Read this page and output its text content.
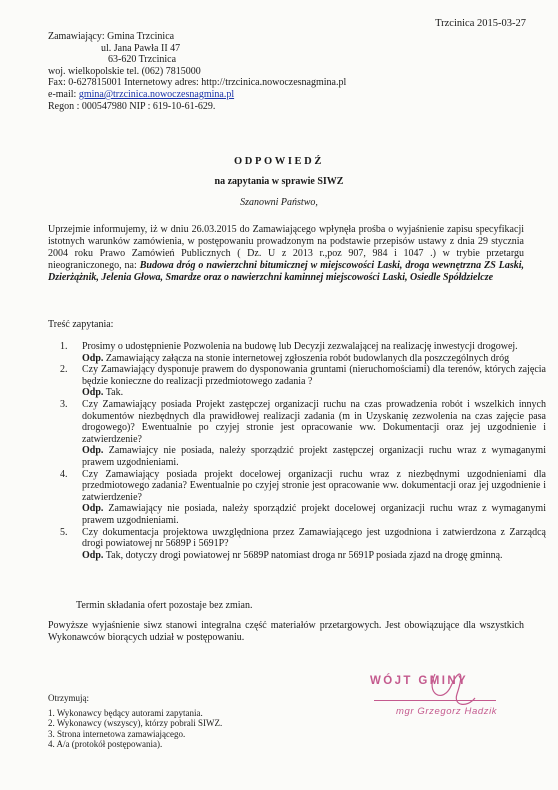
Trzcinica 2015-03-27
Zamawiający: Gmina Trzcinica
ul. Jana Pawła II 47
63-620 Trzcinica
woj. wielkopolskie tel. (062) 7815000
Fax: 0-627815001 Internetowy adres: http://trzcinica.nowoczesnagmina.pl
e-mail: gmina@trzcinica.nowoczesnagmina.pl
Regon : 000547980 NIP : 619-10-61-629.
ODPOWIEDŹ
na zapytania w sprawie SIWZ
Szanowni Państwo,
Uprzejmie informujemy, iż w dniu 26.03.2015 do Zamawiającego wpłynęła prośba o wyjaśnienie zapisu specyfikacji istotnych warunków zamówienia, w postępowaniu prowadzonym na podstawie przepisów ustawy z dnia 29 stycznia 2004 roku Prawo Zamówień Publicznych ( Dz. U z 2013 r.,poz 907, 984 i 1047 .) w trybie przetargu nieograniczonego, na: Budowa dróg o nawierzchni bitumicznej w miejscowości Laski, droga wewnętrzna ZS Laski, Dzierżążnik, Jelenia Głowa, Smardze oraz o nawierzchni kaminnej miejscowości Laski, Osiedle Spółdzielcze
Treść zapytania:
1. Prosimy o udostępnienie Pozwolenia na budowę lub Decyzji zezwalającej na realizację inwestycji drogowej.
Odp. Zamawiający załącza na stonie internetowej zgłoszenia robót budowlanych dla poszczególnych dróg
2. Czy Zamawiający dysponuje prawem do dysponowania gruntami (nieruchomościami) dla terenów, których zajęcia będzie konieczne do realizacji przedmiotowego zadania ?
Odp. Tak.
3. Czy Zamawiający posiada Projekt zastępczej organizacji ruchu na czas prowadzenia robót i wszelkich innych dokumentów niezbędnych dla prawidłowej realizacji zadania (m in Uzyskanię zezwolenia na czas zajęcie pasa drogowego)? Ewentualnie po czyjej stronie jest opracowanie ww. Dokumentacji oraz jej uzgodnienie i zatwierdzenie?
Odp. Zamawiajcy nie posiada, należy sporządzić projekt zastępczej organizacji ruchu wraz z wymaganymi prawem uzgodnieniami.
4. Czy Zamawiający posiada projekt docelowej organizacji ruchu wraz z niezbędnymi uzgodnieniami dla przedmiotowego zadania? Ewentualnie po czyjej stronie jest opracowanie ww. dokumentacji oraz jej uzgodnienie i zatwierdzenie?
Odp. Zamawiający nie posiada, należy sporządzić projekt docelowej organizacji ruchu wraz z wymaganymi prawem uzgodnieniami.
5. Czy dokumentacja projektowa uwzględniona przez Zamawiającego jest uzgodniona i zatwierdzona z Zarządcą drogi powiatowej nr 5689P i 5691P?
Odp. Tak, dotyczy drogi powiatowej nr 5689P natomiast droga nr 5691P posiada zjazd na drogę gminną.
Termin składania ofert pozostaje bez zmian.
Powyższe wyjaśnienie siwz stanowi integralna część materiałów przetargowych. Jest obowiązujące dla wszystkich Wykonawców biorących udział w postępowaniu.
WÓJT GMINY
mgr Grzegorz Hadzik
Otrzymują:
1. Wykonawcy będący autorami zapytania.
2. Wykonawcy (wszyscy), którzy pobrali SIWZ.
3. Strona internetowa zamawiającego.
4. A/a (protokół postępowania).
